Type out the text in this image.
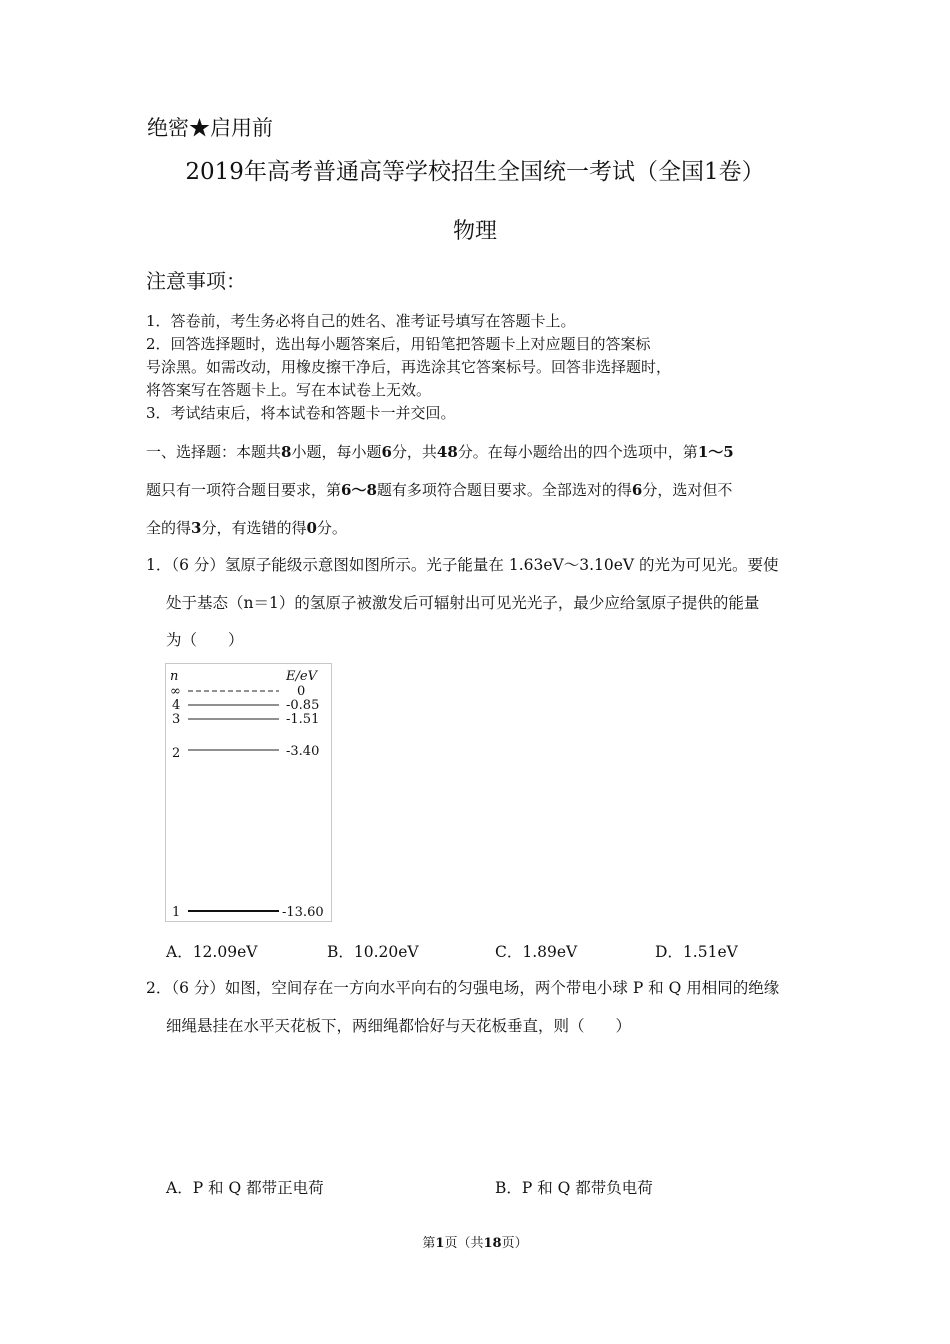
绝密★启用前
2019年高考普通高等学校招生全国统一考试（全国1卷）
物理
注意事项：
1．答卷前，考生务必将自己的姓名、准考证号填写在答题卡上。
2．回答选择题时，选出每小题答案后，用铅笔把答题卡上对应题目的答案标
号涂黑。如需改动，用橡皮擦干净后，再选涂其它答案标号。回答非选择题时，
将答案写在答题卡上。写在本试卷上无效。
3．考试结束后，将本试卷和答题卡一并交回。
一、选择题：本题共8小题，每小题6分，共48分。在每小题给出的四个选项中，第1～5
题只有一项符合题目要求，第6～8题有多项符合题目要求。全部选对的得6分，选对但不
全的得3分，有选错的得0分。
1．（6 分）氢原子能级示意图如图所示。光子能量在 1.63eV～3.10eV 的光为可见光。要使
处于基态（n＝1）的氢原子被激发后可辐射出可见光光子，最少应给氢原子提供的能量
为（　　）
n	E/eV
∞	0
4	-0.85
3	-1.51
2	-3.40
1	-13.60
A．12.09eV	B．10.20eV	C．1.89eV	D．1.51eV
2．（6 分）如图，空间存在一方向水平向右的匀强电场，两个带电小球 P 和 Q 用相同的绝缘
细绳悬挂在水平天花板下，两细绳都恰好与天花板垂直，则（　　）
A．P 和 Q 都带正电荷	B．P 和 Q 都带负电荷
第1页（共18页）
